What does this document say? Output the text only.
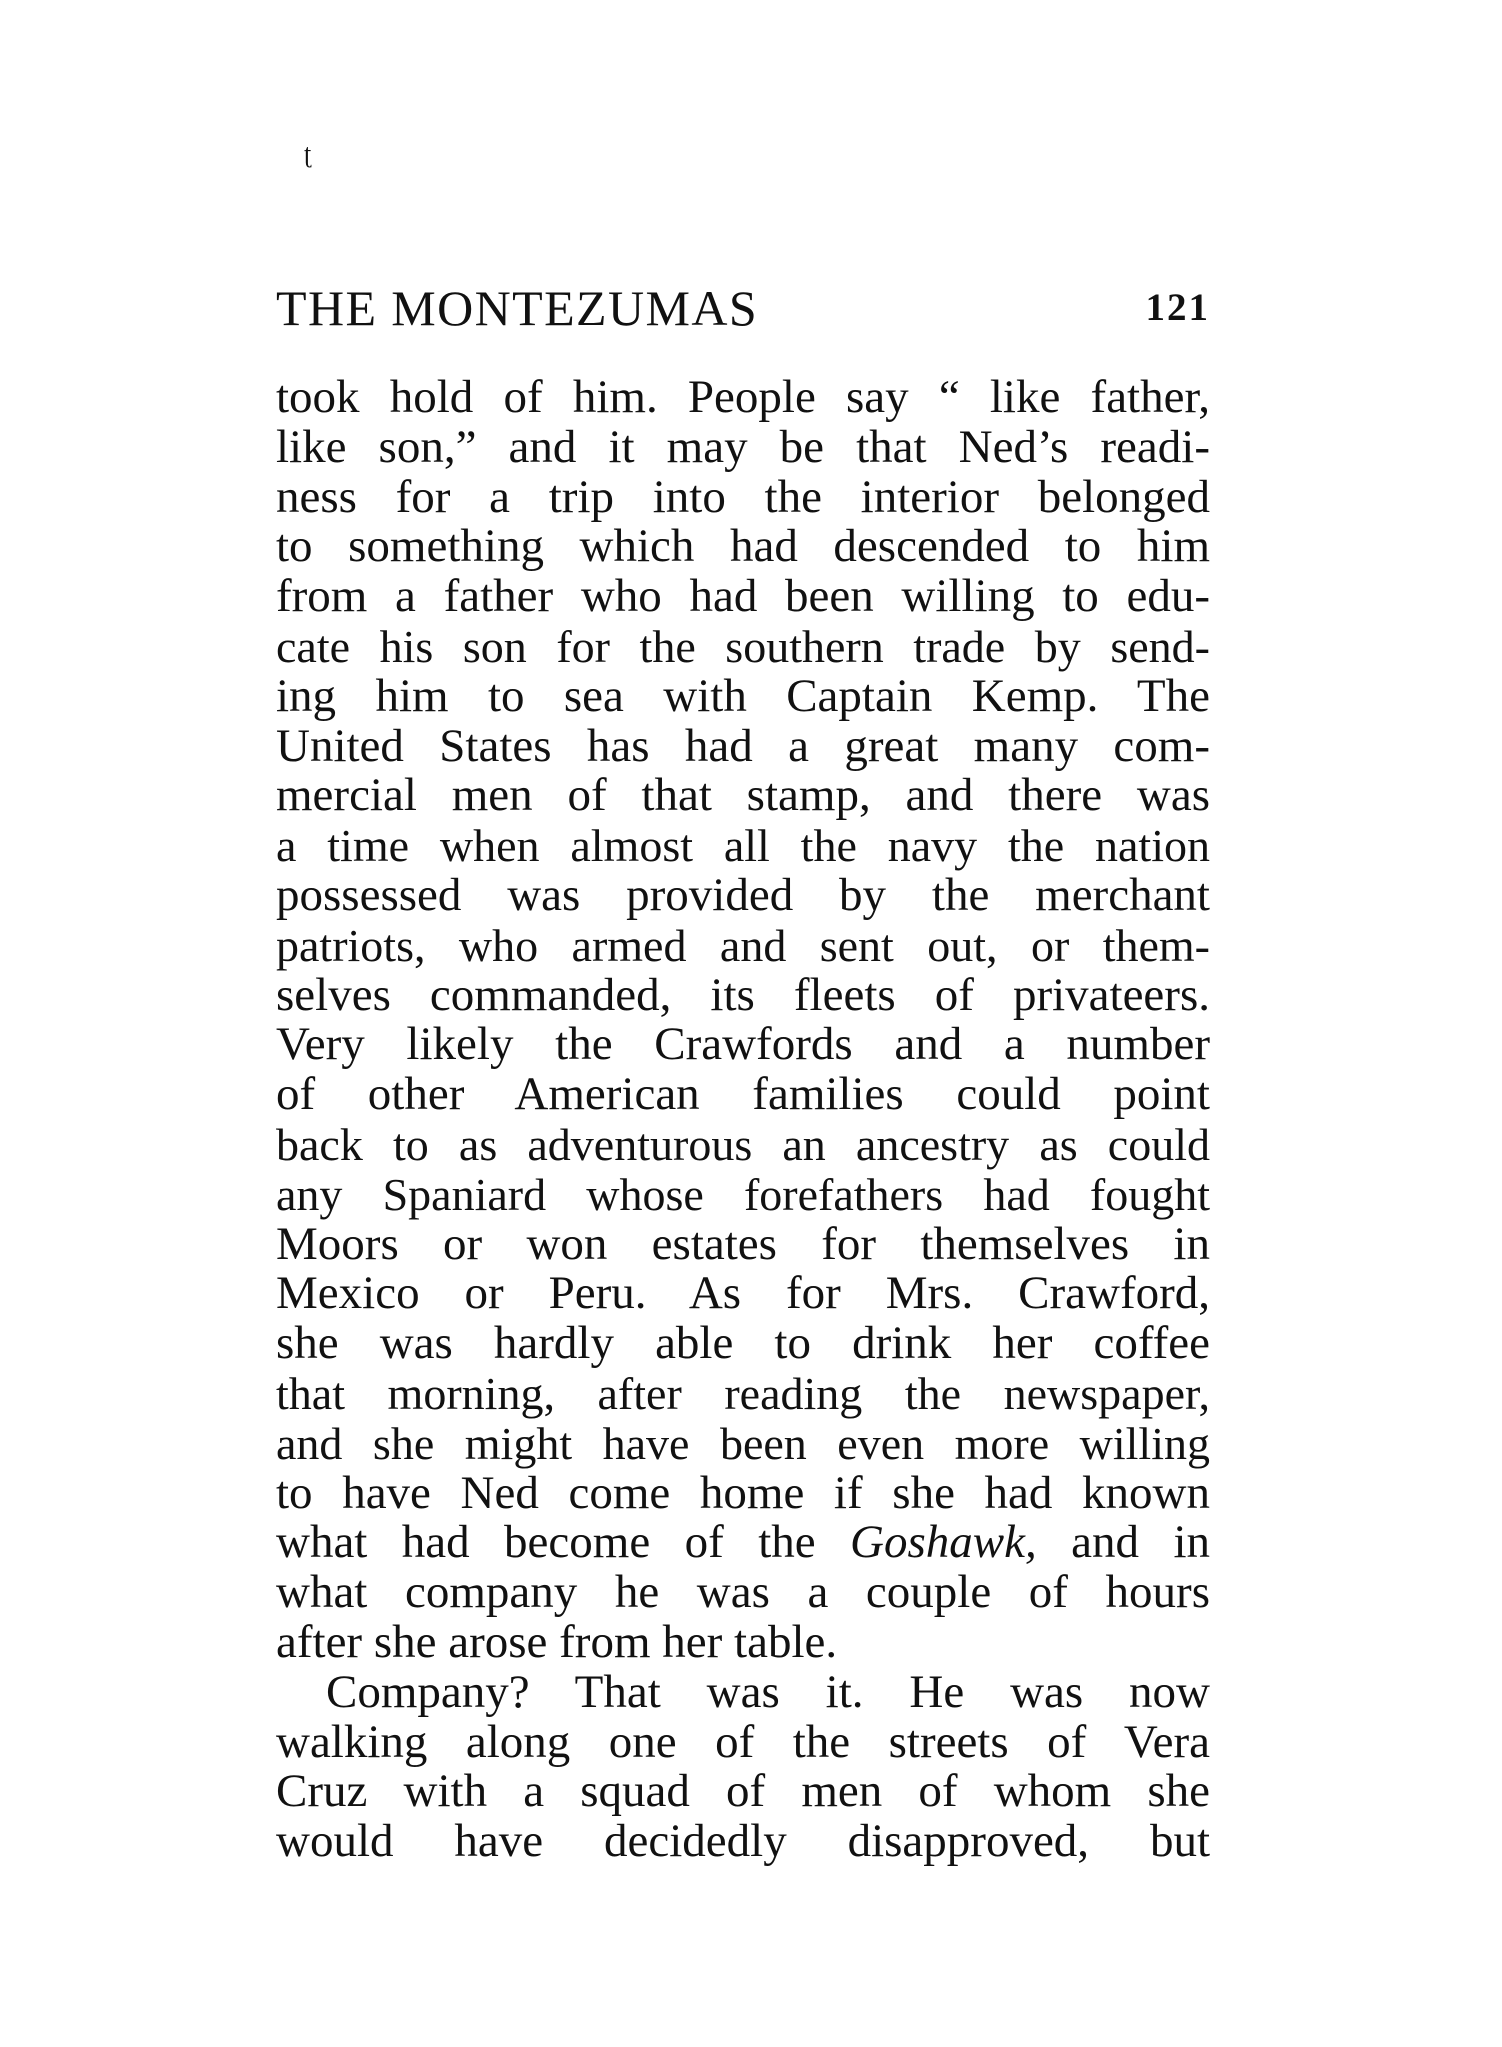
ʈ
THE MONTEZUMAS	121
took hold of him. People say “ like father,
like son,” and it may be that Ned’s readi-
ness for a trip into the interior belonged
to something which had descended to him
from a father who had been willing to edu-
cate his son for the southern trade by send-
ing him to sea with Captain Kemp. The
United States has had a great many com-
mercial men of that stamp, and there was
a time when almost all the navy the nation
possessed was provided by the merchant
patriots, who armed and sent out, or them-
selves commanded, its fleets of privateers.
Very likely the Crawfords and a number
of other American families could point
back to as adventurous an ancestry as could
any Spaniard whose forefathers had fought
Moors or won estates for themselves in
Mexico or Peru. As for Mrs. Crawford,
she was hardly able to drink her coffee
that morning, after reading the newspaper,
and she might have been even more willing
to have Ned come home if she had known
what had become of the Goshawk, and in
what company he was a couple of hours
after she arose from her table.
Company? That was it. He was now
walking along one of the streets of Vera
Cruz with a squad of men of whom she
would have decidedly disapproved, but
